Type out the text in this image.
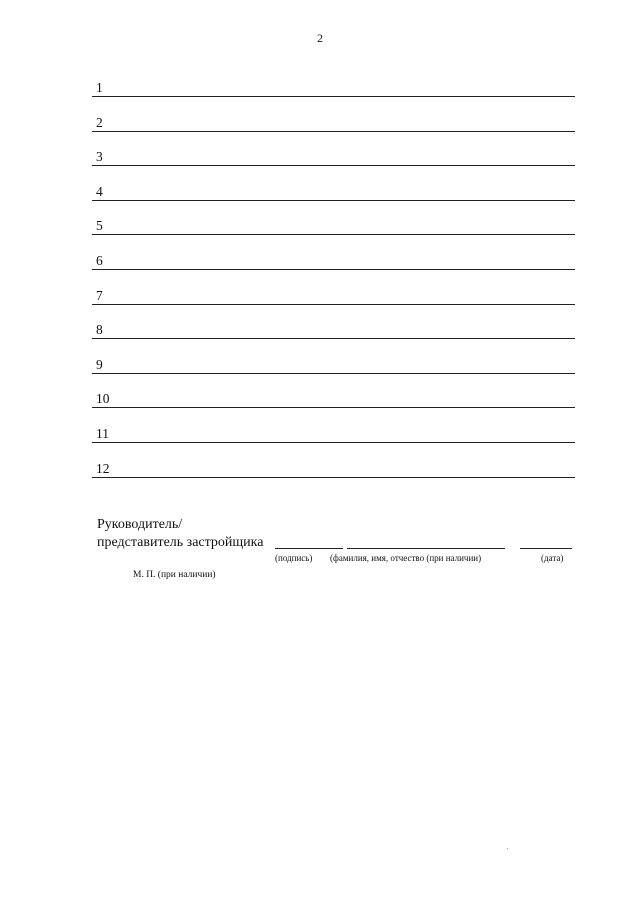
2
1
2
3
4
5
6
7
8
9
10
11
12
Руководитель/
представитель застройщика
(подпись) (фамилия, имя, отчество (при наличии)	(дата)
М. П. (при наличии)
